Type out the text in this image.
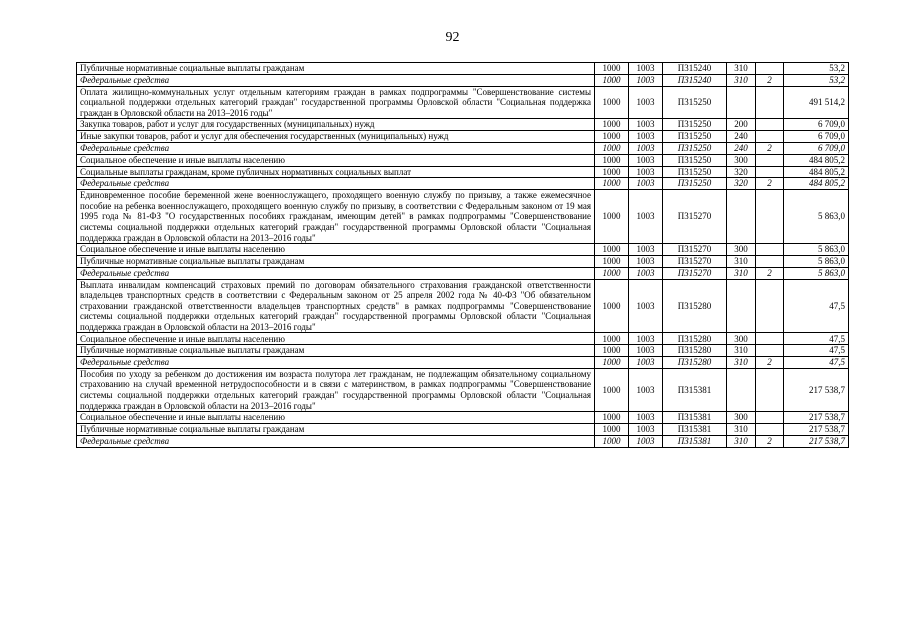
92
Публичные нормативные социальные выплаты гражданам	1000	1003	П315240	310		53,2
Федеральные средства	1000	1003	П315240	310	2	53,2
Оплата жилищно-коммунальных услуг отдельным категориям граждан в рамках подпрограммы "Совершенствование системы социальной поддержки отдельных категорий граждан" государственной программы Орловской области "Социальная поддержка граждан в Орловской области на 2013–2016 годы"	1000	1003	П315250			491 514,2
Закупка товаров, работ и услуг для государственных (муниципальных) нужд	1000	1003	П315250	200		6 709,0
Иные закупки товаров, работ и услуг для обеспечения государственных (муниципальных) нужд	1000	1003	П315250	240		6 709,0
Федеральные средства	1000	1003	П315250	240	2	6 709,0
Социальное обеспечение и иные выплаты населению	1000	1003	П315250	300		484 805,2
Социальные выплаты гражданам, кроме публичных нормативных социальных выплат	1000	1003	П315250	320		484 805,2
Федеральные средства	1000	1003	П315250	320	2	484 805,2
Единовременное пособие беременной жене военнослужащего, проходящего военную службу по призыву, а также ежемесячное пособие на ребенка военнослужащего, проходящего военную службу по призыву, в соответствии с Федеральным законом от 19 мая 1995 года № 81-ФЗ "О государственных пособиях гражданам, имеющим детей" в рамках подпрограммы "Совершенствование системы социальной поддержки отдельных категорий граждан" государственной программы Орловской области "Социальная поддержка граждан в Орловской области на 2013–2016 годы"	1000	1003	П315270			5 863,0
Социальное обеспечение и иные выплаты населению	1000	1003	П315270	300		5 863,0
Публичные нормативные социальные выплаты гражданам	1000	1003	П315270	310		5 863,0
Федеральные средства	1000	1003	П315270	310	2	5 863,0
Выплата инвалидам компенсаций страховых премий по договорам обязательного страхования гражданской ответственности владельцев транспортных средств в соответствии с Федеральным законом от 25 апреля 2002 года № 40-ФЗ "Об обязательном страховании гражданской ответственности владельцев транспортных средств" в рамках подпрограммы "Совершенствование системы социальной поддержки отдельных категорий граждан" государственной программы Орловской области "Социальная поддержка граждан в Орловской области на 2013–2016 годы"	1000	1003	П315280			47,5
Социальное обеспечение и иные выплаты населению	1000	1003	П315280	300		47,5
Публичные нормативные социальные выплаты гражданам	1000	1003	П315280	310		47,5
Федеральные средства	1000	1003	П315280	310	2	47,5
Пособия по уходу за ребенком до достижения им возраста полутора лет гражданам, не подлежащим обязательному социальному страхованию на случай временной нетрудоспособности и в связи с материнством, в рамках подпрограммы "Совершенствование системы социальной поддержки отдельных категорий граждан" государственной программы Орловской области "Социальная поддержка граждан в Орловской области на 2013–2016 годы"	1000	1003	П315381			217 538,7
Социальное обеспечение и иные выплаты населению	1000	1003	П315381	300		217 538,7
Публичные нормативные социальные выплаты гражданам	1000	1003	П315381	310		217 538,7
Федеральные средства	1000	1003	П315381	310	2	217 538,7
